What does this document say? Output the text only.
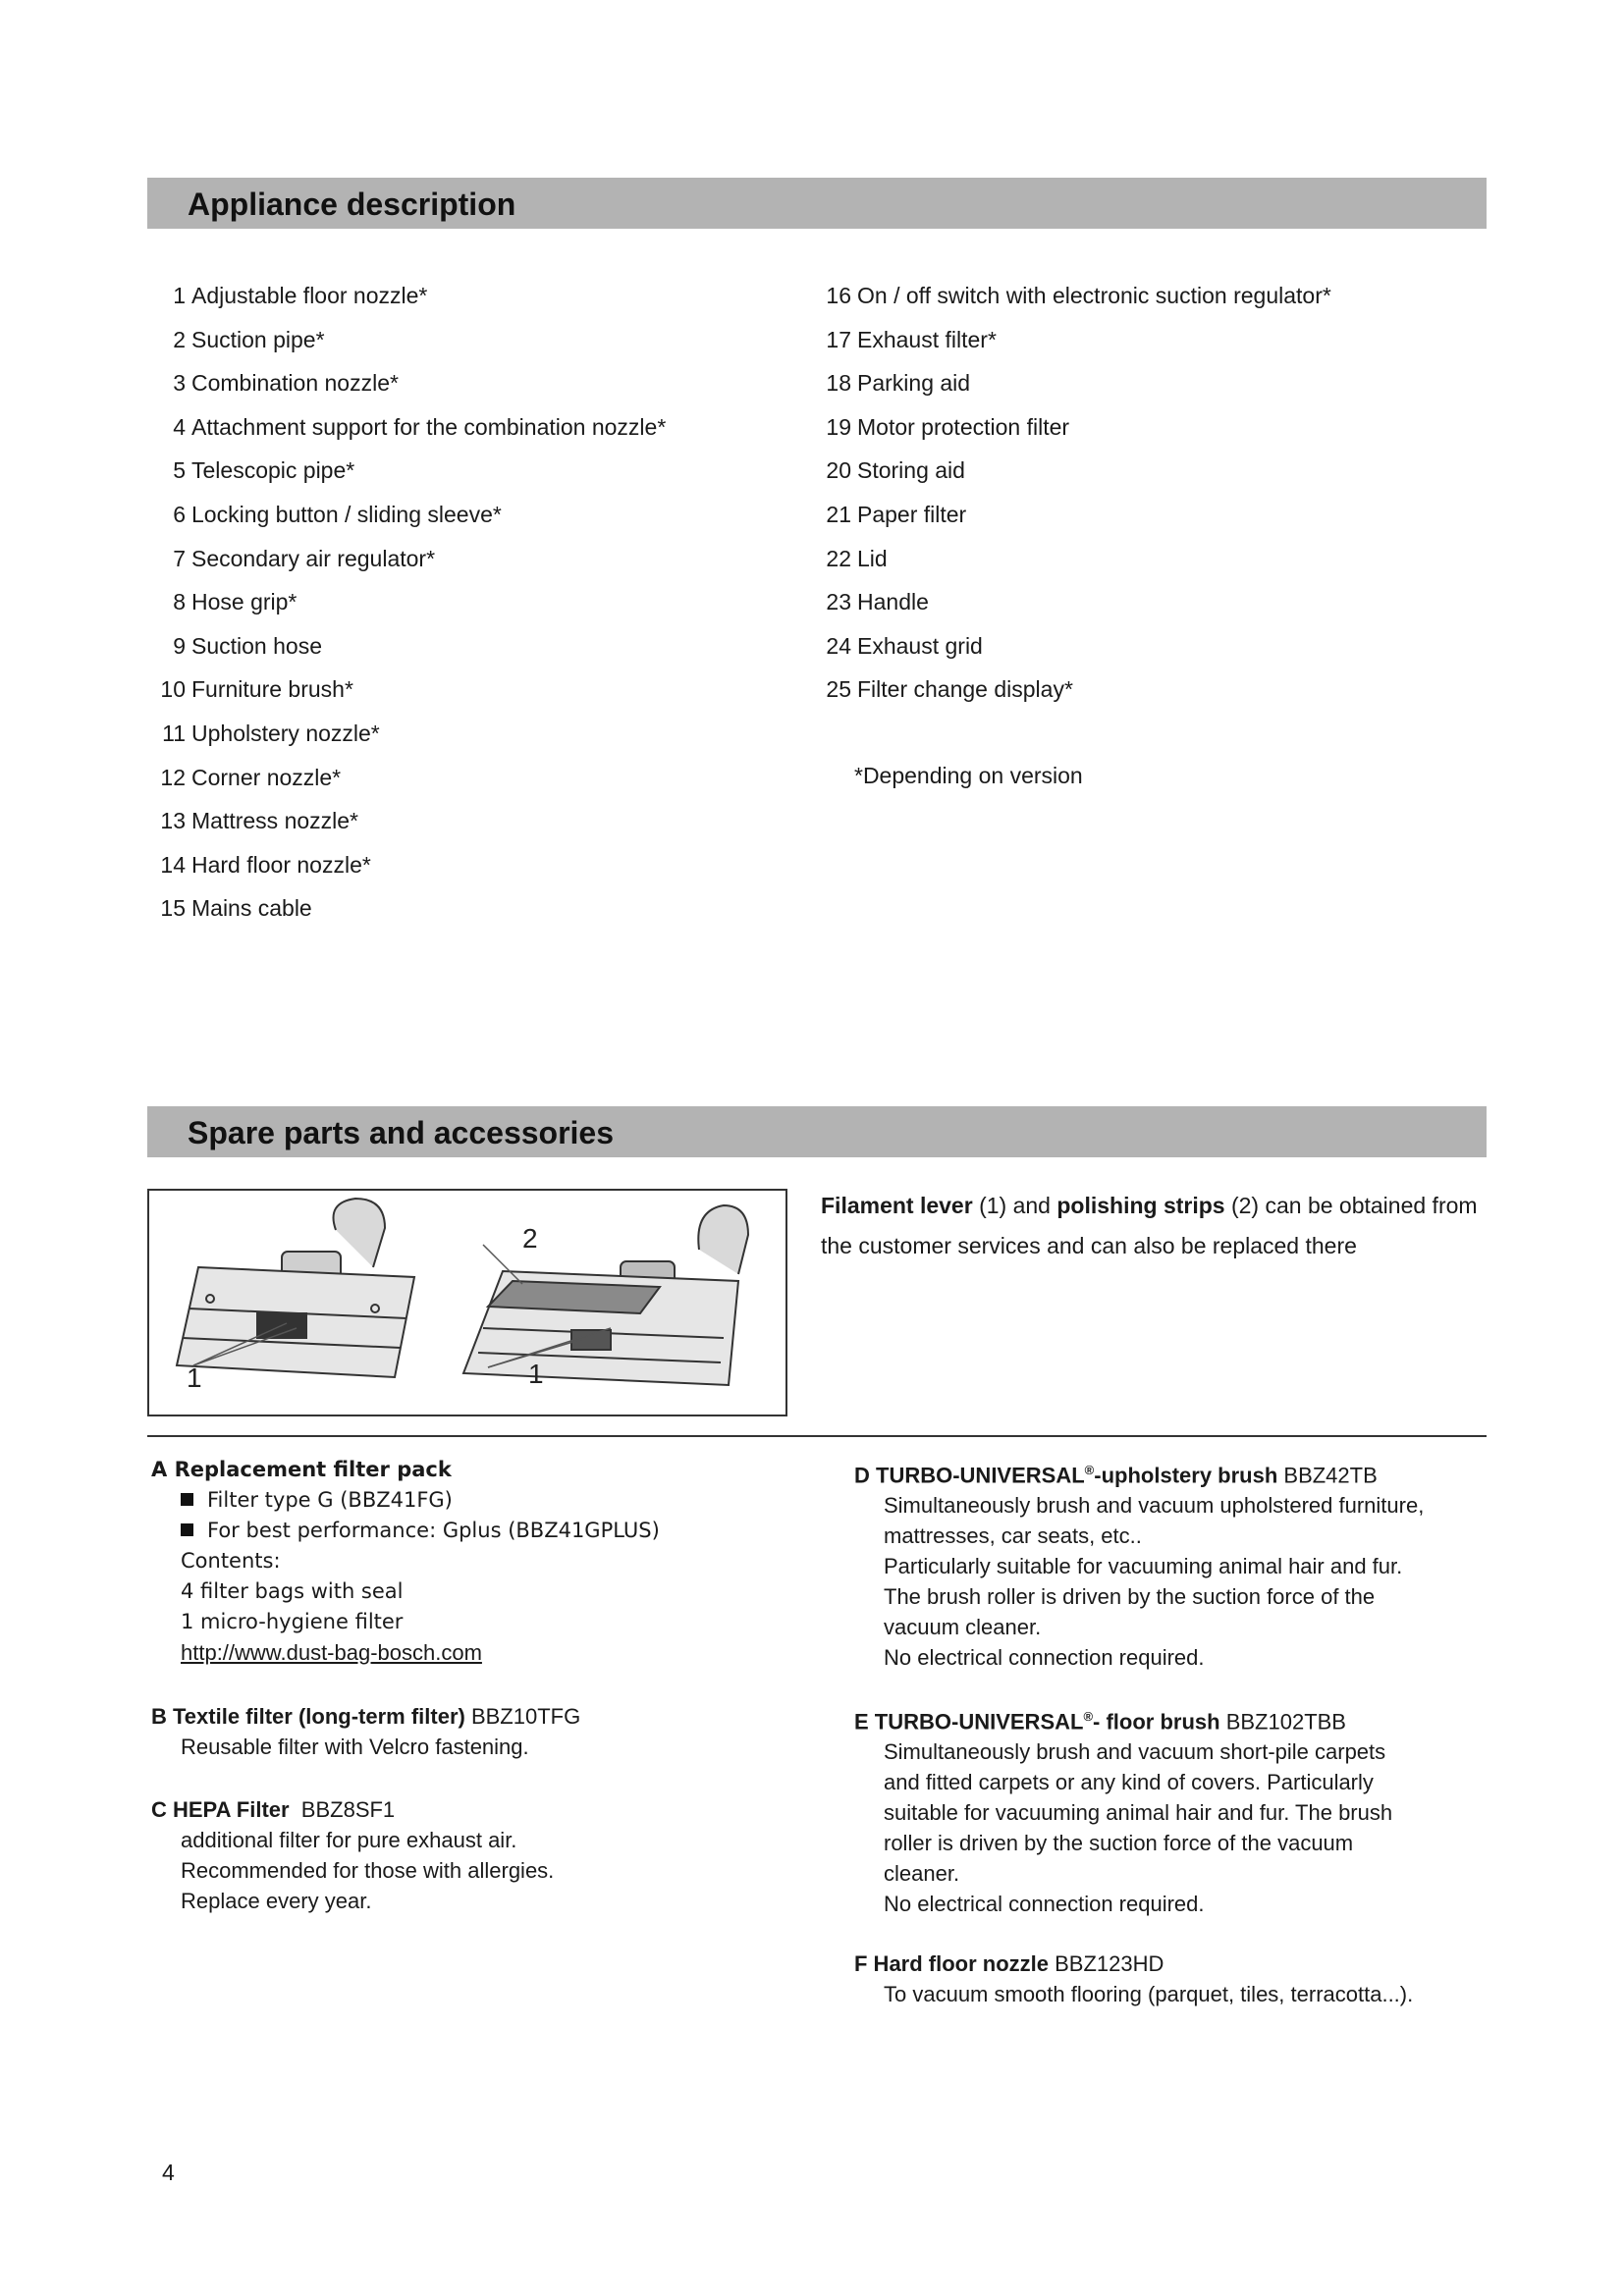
Appliance description
1 Adjustable floor nozzle*
2 Suction pipe*
3 Combination nozzle*
4 Attachment support for the combination nozzle*
5 Telescopic pipe*
6 Locking button / sliding sleeve*
7 Secondary air regulator*
8 Hose grip*
9 Suction hose
10 Furniture brush*
11 Upholstery nozzle*
12 Corner nozzle*
13 Mattress nozzle*
14 Hard floor nozzle*
15 Mains cable
16 On / off switch with electronic suction regulator*
17 Exhaust filter*
18 Parking aid
19 Motor protection filter
20 Storing aid
21 Paper filter
22 Lid
23 Handle
24 Exhaust grid
25 Filter change display*
*Depending on version
Spare parts and accessories
1
2
1
Filament lever (1) and polishing strips (2) can be obtained from the customer services and can also be replaced there
A Replacement filter pack
Filter type G (BBZ41FG)
For best performance: Gplus (BBZ41GPLUS)
Contents:
4 filter bags with seal
1 micro-hygiene filter
http://www.dust-bag-bosch.com
B Textile filter (long-term filter) BBZ10TFG
Reusable filter with Velcro fastening.
C HEPA Filter  BBZ8SF1
additional filter for pure exhaust air.
Recommended for those with allergies.
Replace every year.
D TURBO-UNIVERSAL®-upholstery brush BBZ42TB
Simultaneously brush and vacuum upholstered furniture,
mattresses, car seats, etc..
Particularly suitable for vacuuming animal hair and fur.
The brush roller is driven by the suction force of the
vacuum cleaner.
No electrical connection required.
E TURBO-UNIVERSAL®- floor brush BBZ102TBB
Simultaneously brush and vacuum short-pile carpets
and fitted carpets or any kind of covers. Particularly
suitable for vacuuming animal hair and fur. The brush
roller is driven by the suction force of the vacuum
cleaner.
No electrical connection required.
F Hard floor nozzle BBZ123HD
To vacuum smooth flooring (parquet, tiles, terracotta...).
4
